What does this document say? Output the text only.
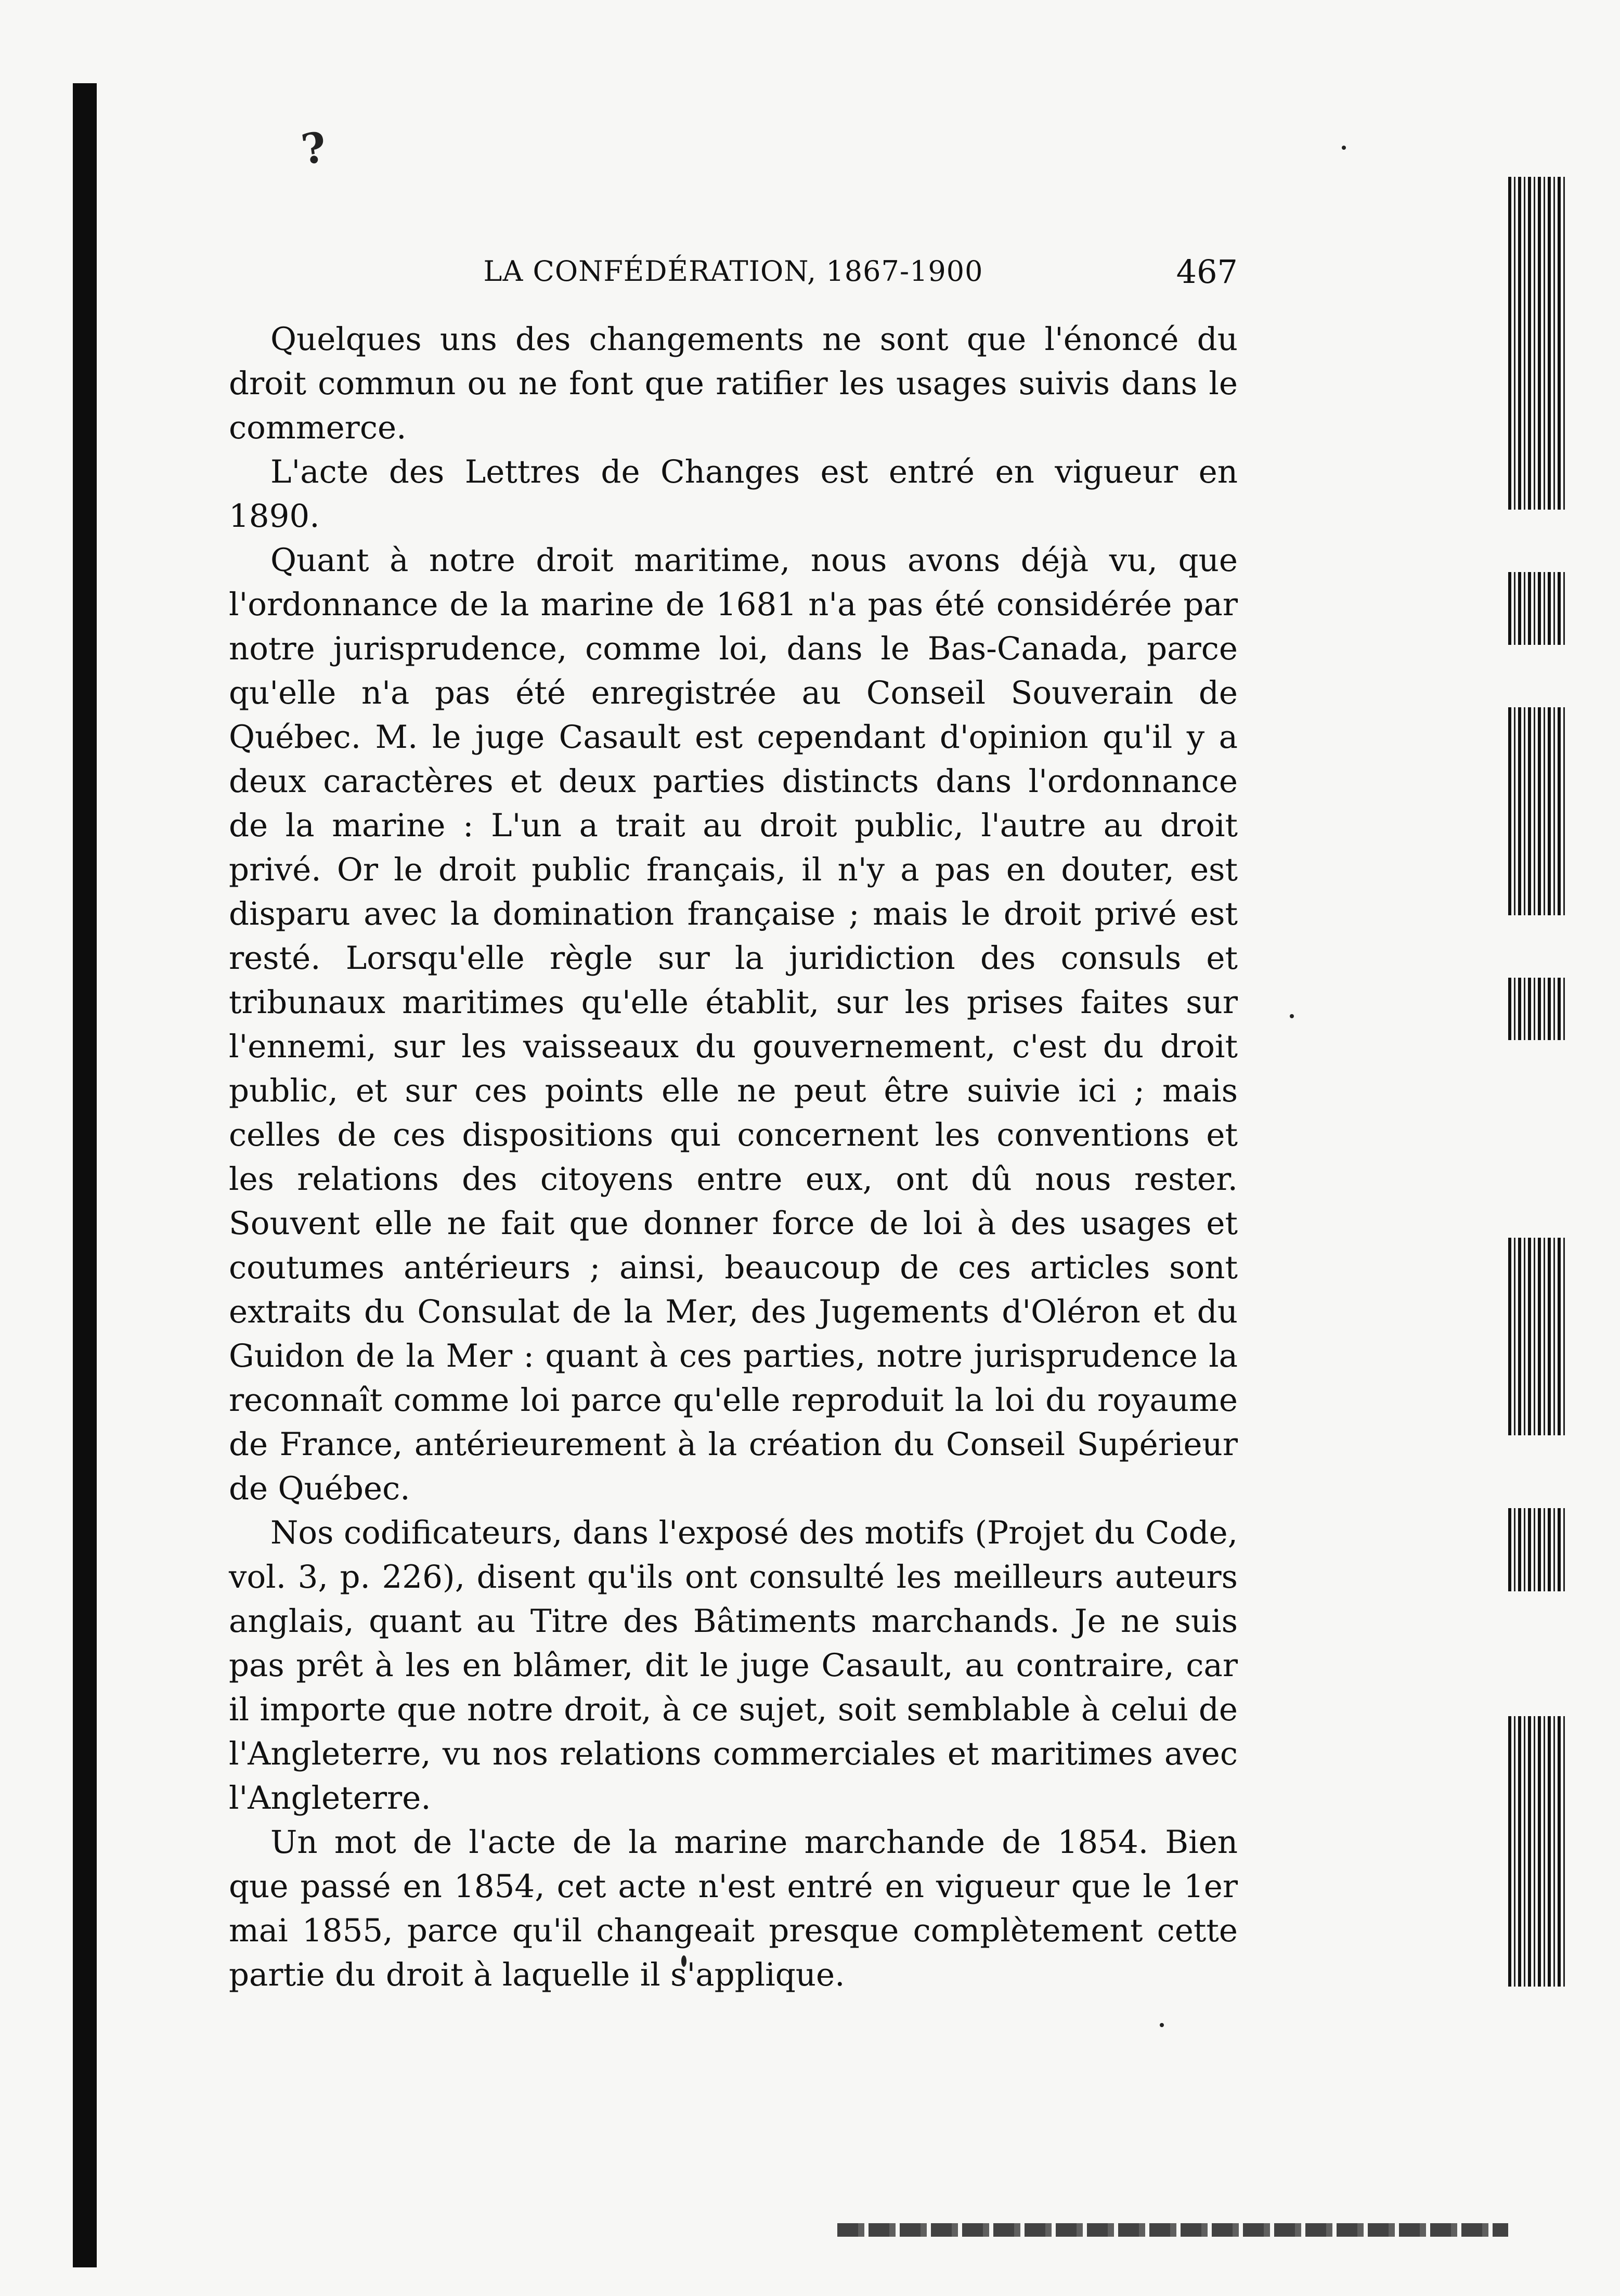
?
LA CONFÉDÉRATION, 1867-1900	467

Quelques uns des changements ne sont que l'énoncé du droit commun ou ne font que ratifier les usages suivis dans le commerce.

L'acte des Lettres de Changes est entré en vigueur en 1890.

Quant à notre droit maritime, nous avons déjà vu, que l'ordonnance de la marine de 1681 n'a pas été considérée par notre jurisprudence, comme loi, dans le Bas-Canada, parce qu'elle n'a pas été enregistrée au Conseil Souverain de Québec. M. le juge Casault est cependant d'opinion qu'il y a deux caractères et deux parties distincts dans l'ordonnance de la marine : L'un a trait au droit public, l'autre au droit privé. Or le droit public français, il n'y a pas en douter, est disparu avec la domination française ; mais le droit privé est resté. Lorsqu'elle règle sur la juridiction des consuls et tribunaux maritimes qu'elle établit, sur les prises faites sur l'ennemi, sur les vaisseaux du gouvernement, c'est du droit public, et sur ces points elle ne peut être suivie ici ; mais celles de ces dispositions qui concernent les conventions et les relations des citoyens entre eux, ont dû nous rester. Souvent elle ne fait que donner force de loi à des usages et coutumes antérieurs ; ainsi, beaucoup de ces articles sont extraits du Consulat de la Mer, des Jugements d'Oléron et du Guidon de la Mer : quant à ces parties, notre jurisprudence la reconnaît comme loi parce qu'elle reproduit la loi du royaume de France, antérieurement à la création du Conseil Supérieur de Québec.

Nos codificateurs, dans l'exposé des motifs (Projet du Code, vol. 3, p. 226), disent qu'ils ont consulté les meilleurs auteurs anglais, quant au Titre des Bâtiments marchands. Je ne suis pas prêt à les en blâmer, dit le juge Casault, au contraire, car il importe que notre droit, à ce sujet, soit semblable à celui de l'Angleterre, vu nos relations commerciales et maritimes avec l'Angleterre.

Un mot de l'acte de la marine marchande de 1854. Bien que passé en 1854, cet acte n'est entré en vigueur que le 1er mai 1855, parce qu'il changeait presque complètement cette partie du droit à laquelle il s'applique.
